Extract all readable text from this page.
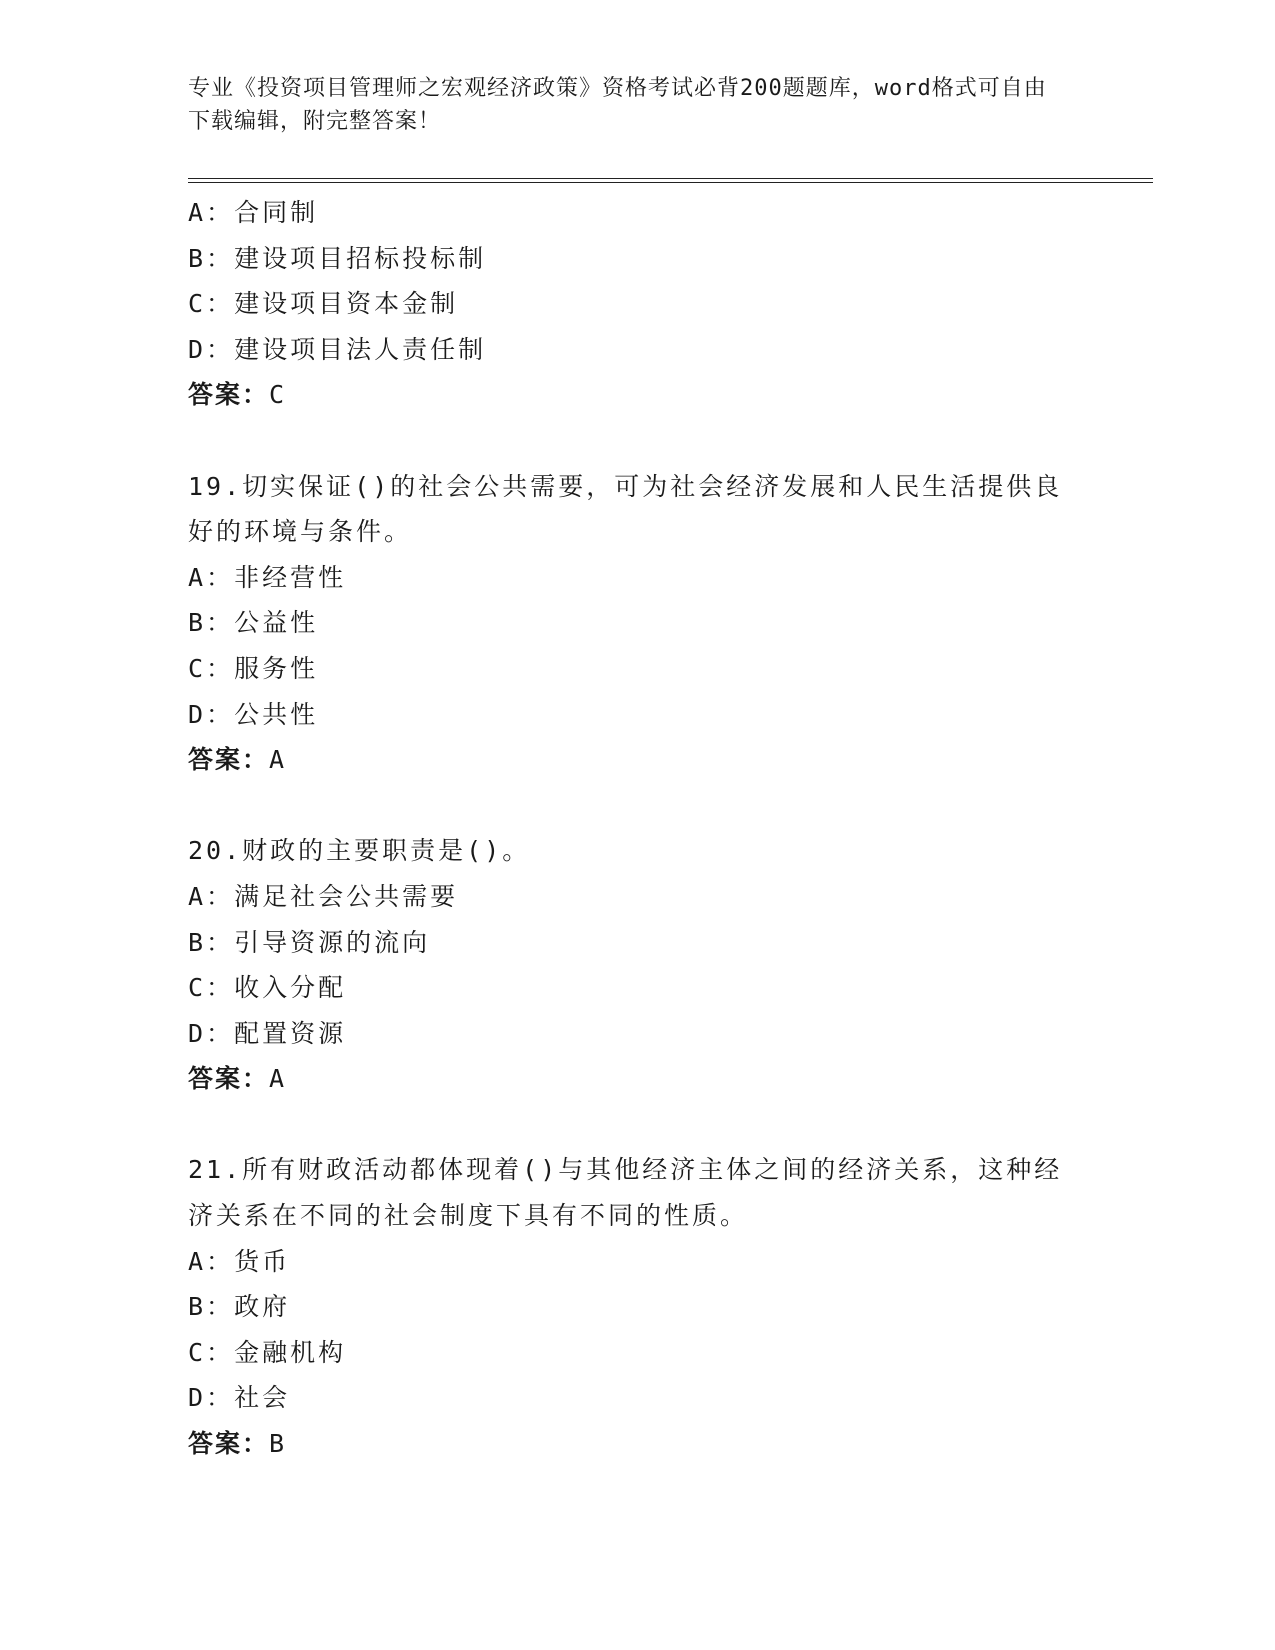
专业《投资项目管理师之宏观经济政策》资格考试必背200题题库，word格式可自由下载编辑，附完整答案！
A：合同制
B：建设项目招标投标制
C：建设项目资本金制
D：建设项目法人责任制
答案：C
19.切实保证()的社会公共需要，可为社会经济发展和人民生活提供良好的环境与条件。
A：非经营性
B：公益性
C：服务性
D：公共性
答案：A
20.财政的主要职责是()。
A：满足社会公共需要
B：引导资源的流向
C：收入分配
D：配置资源
答案：A
21.所有财政活动都体现着()与其他经济主体之间的经济关系，这种经济关系在不同的社会制度下具有不同的性质。
A：货币
B：政府
C：金融机构
D：社会
答案：B
